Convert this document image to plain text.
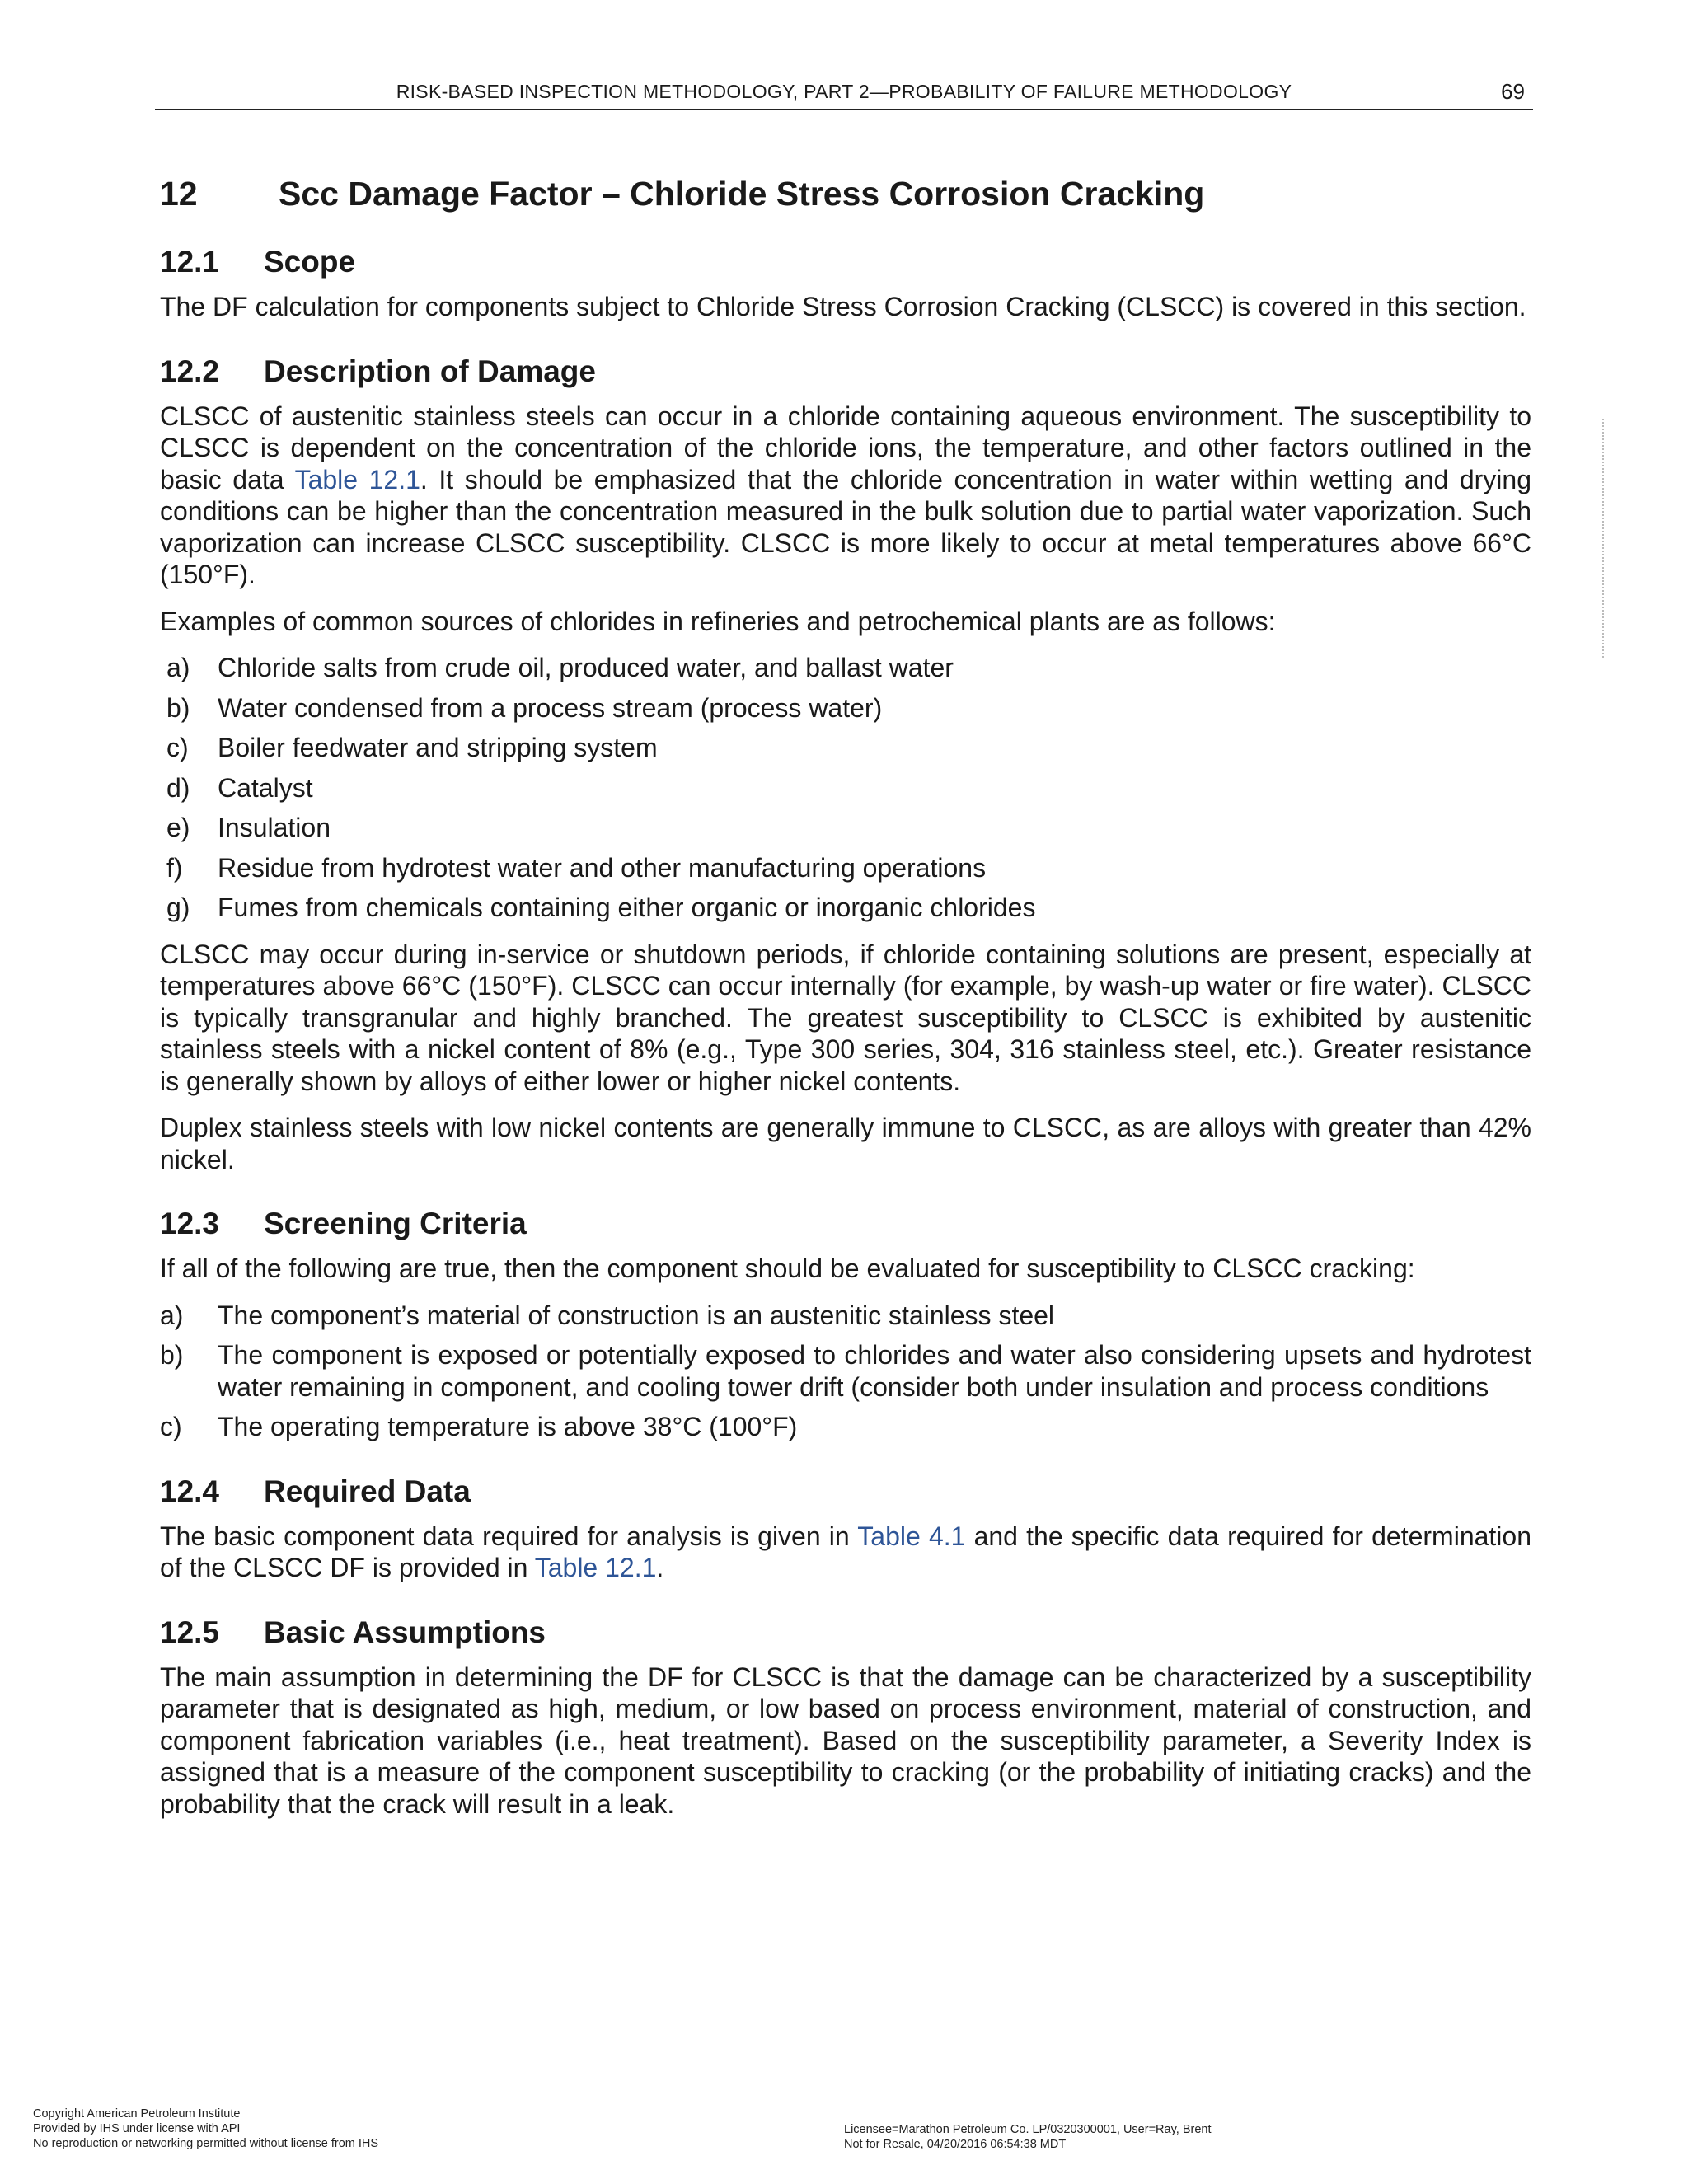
RISK-BASED INSPECTION METHODOLOGY, PART 2—PROBABILITY OF FAILURE METHODOLOGY	69
12	Scc Damage Factor – Chloride Stress Corrosion Cracking
12.1	Scope

The DF calculation for components subject to Chloride Stress Corrosion Cracking (CLSCC) is covered in this section.

12.2	Description of Damage

CLSCC of austenitic stainless steels can occur in a chloride containing aqueous environment. The susceptibility to CLSCC is dependent on the concentration of the chloride ions, the temperature, and other factors outlined in the basic data Table 12.1. It should be emphasized that the chloride concentration in water within wetting and drying conditions can be higher than the concentration measured in the bulk solution due to partial water vaporization. Such vaporization can increase CLSCC susceptibility. CLSCC is more likely to occur at metal temperatures above 66°C (150°F).

Examples of common sources of chlorides in refineries and petrochemical plants are as follows:

a)	Chloride salts from crude oil, produced water, and ballast water
b)	Water condensed from a process stream (process water)
c)	Boiler feedwater and stripping system
d)	Catalyst
e)	Insulation
f)	Residue from hydrotest water and other manufacturing operations
g)	Fumes from chemicals containing either organic or inorganic chlorides

CLSCC may occur during in-service or shutdown periods, if chloride containing solutions are present, especially at temperatures above 66°C (150°F). CLSCC can occur internally (for example, by wash-up water or fire water). CLSCC is typically transgranular and highly branched. The greatest susceptibility to CLSCC is exhibited by austenitic stainless steels with a nickel content of 8% (e.g., Type 300 series, 304, 316 stainless steel, etc.). Greater resistance is generally shown by alloys of either lower or higher nickel contents.

Duplex stainless steels with low nickel contents are generally immune to CLSCC, as are alloys with greater than 42% nickel.

12.3	Screening Criteria

If all of the following are true, then the component should be evaluated for susceptibility to CLSCC cracking:

a)	The component’s material of construction is an austenitic stainless steel
b)	The component is exposed or potentially exposed to chlorides and water also considering upsets and hydrotest water remaining in component, and cooling tower drift (consider both under insulation and process conditions
c)	The operating temperature is above 38°C (100°F)
12.4	Required Data

The basic component data required for analysis is given in Table 4.1 and the specific data required for determination of the CLSCC DF is provided in Table 12.1.

12.5	Basic Assumptions

The main assumption in determining the DF for CLSCC is that the damage can be characterized by a susceptibility parameter that is designated as high, medium, or low based on process environment, material of construction, and component fabrication variables (i.e., heat treatment). Based on the susceptibility parameter, a Severity Index is assigned that is a measure of the component susceptibility to cracking (or the probability of initiating cracks) and the probability that the crack will result in a leak.

Copyright American Petroleum Institute
Provided by IHS under license with API
No reproduction or networking permitted without license from IHS
Licensee=Marathon Petroleum Co. LP/0320300001, User=Ray, Brent
Not for Resale, 04/20/2016 06:54:38 MDT
